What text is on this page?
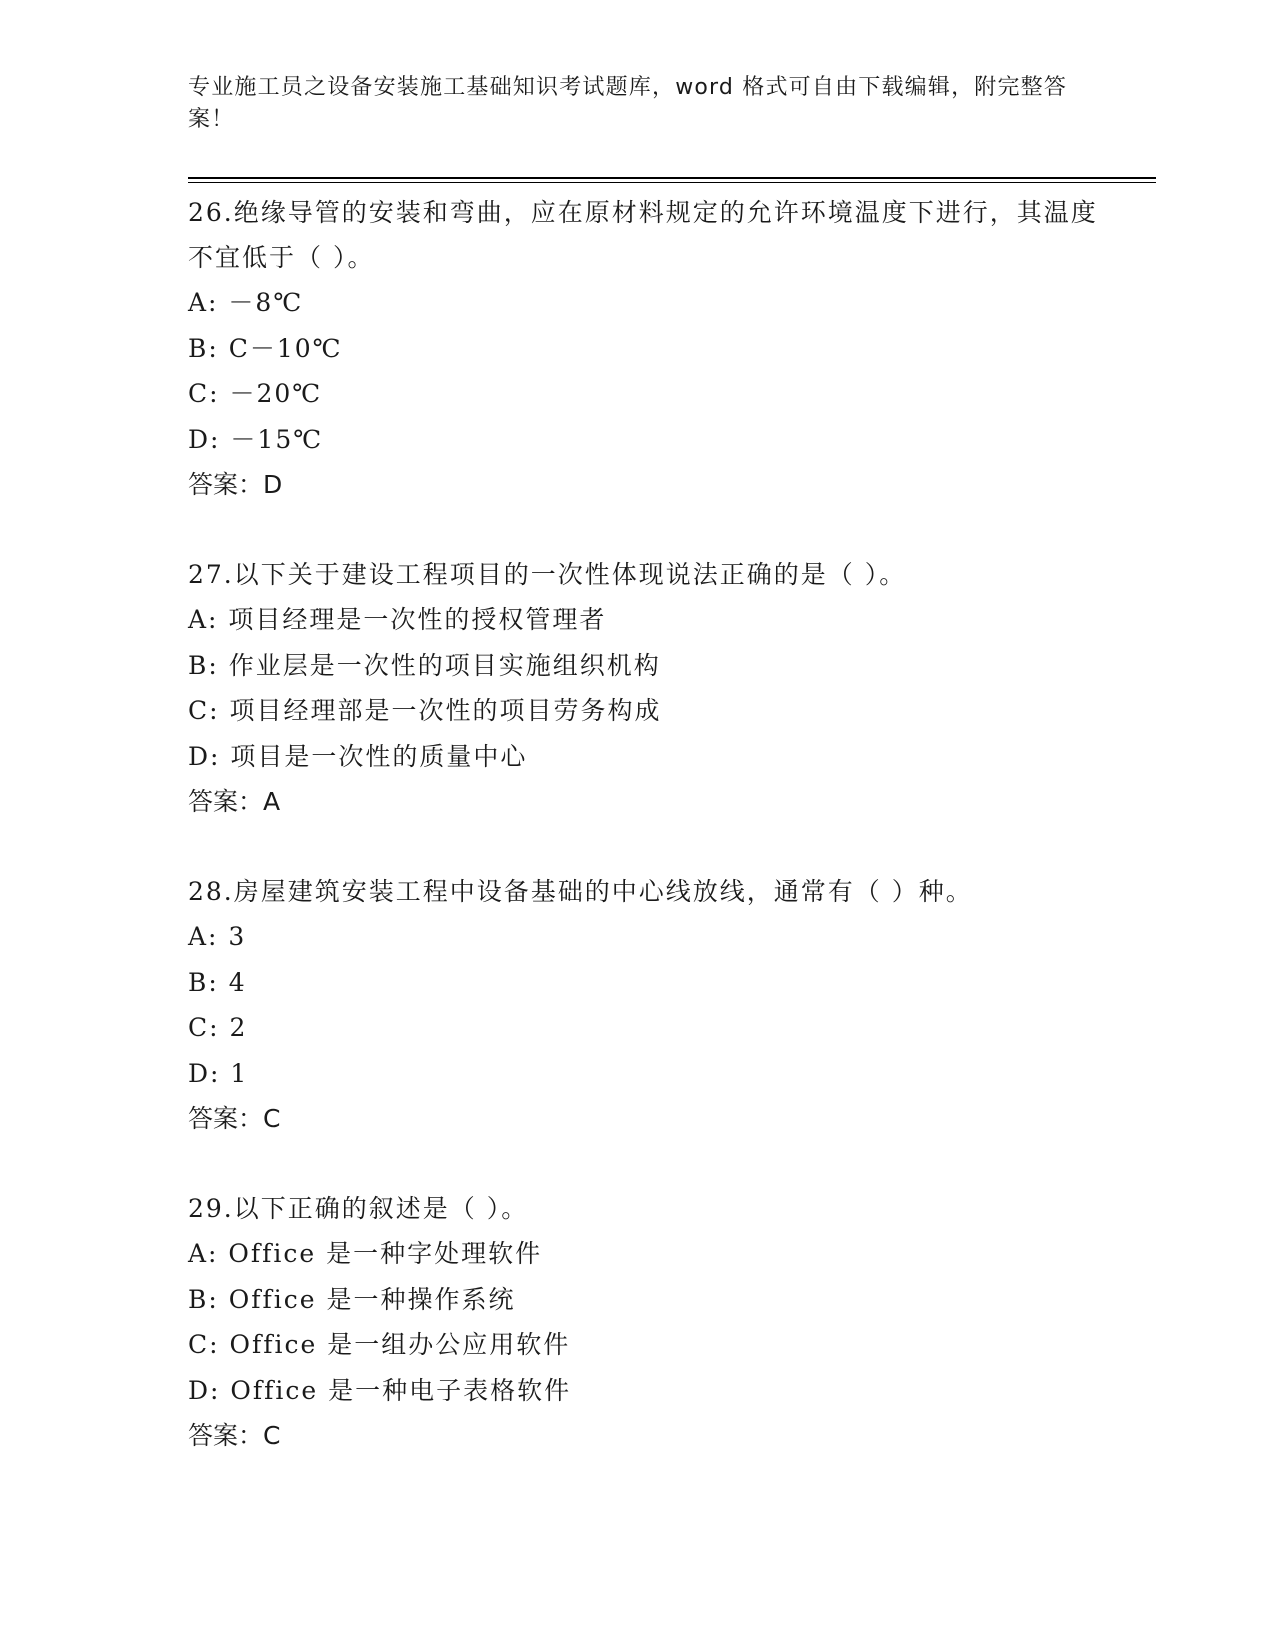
专业施工员之设备安装施工基础知识考试题库，word 格式可自由下载编辑，附完整答案！
26.绝缘导管的安装和弯曲，应在原材料规定的允许环境温度下进行，其温度不宜低于（ ）。
A: －8℃
B: C－10℃
C: －20℃
D: －15℃
答案：D
27.以下关于建设工程项目的一次性体现说法正确的是（ ）。
A: 项目经理是一次性的授权管理者
B: 作业层是一次性的项目实施组织机构
C: 项目经理部是一次性的项目劳务构成
D: 项目是一次性的质量中心
答案：A
28.房屋建筑安装工程中设备基础的中心线放线，通常有（ ）种。
A: 3
B: 4
C: 2
D: 1
答案：C
29.以下正确的叙述是（ ）。
A: Office 是一种字处理软件
B: Office 是一种操作系统
C: Office 是一组办公应用软件
D: Office 是一种电子表格软件
答案：C
